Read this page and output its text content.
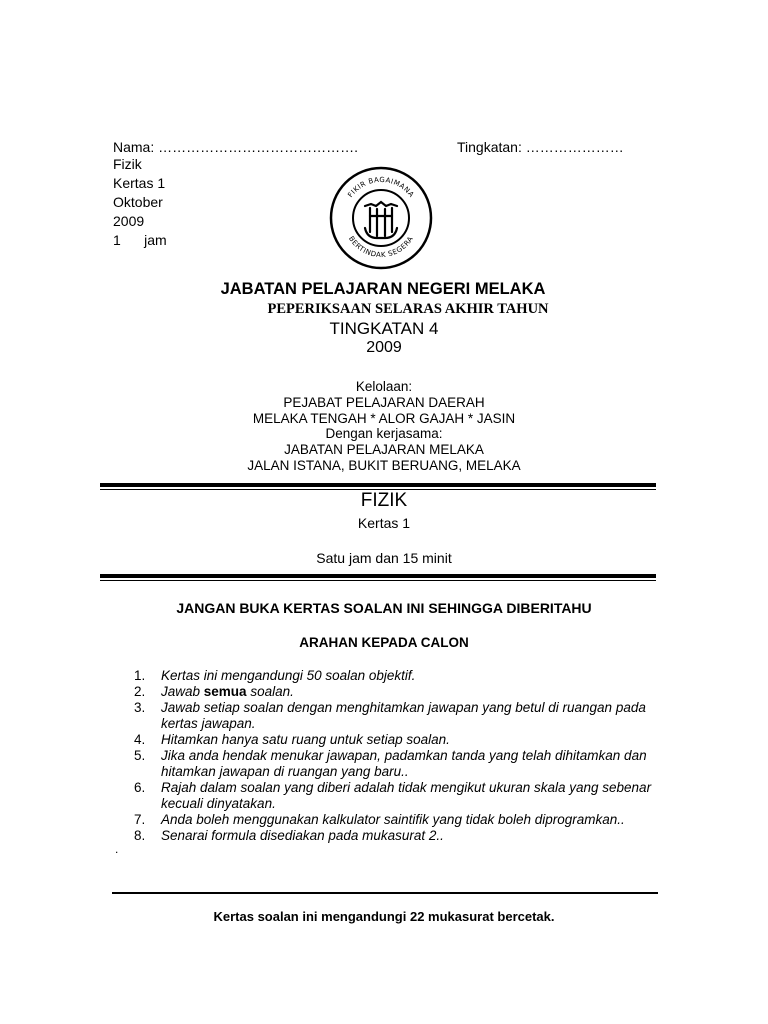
Nama: …………………………………….	Tingkatan: …………………
Fizik
Kertas 1
Oktober
2009
1      jam
FIKIR BAGAIMANA
BERTINDAK SEGERA
JABATAN PELAJARAN NEGERI MELAKA
PEPERIKSAAN SELARAS AKHIR TAHUN
TINGKATAN 4
2009
Kelolaan:
PEJABAT PELAJARAN DAERAH
MELAKA TENGAH * ALOR GAJAH * JASIN
Dengan kerjasama:
JABATAN PELAJARAN MELAKA
JALAN ISTANA, BUKIT BERUANG, MELAKA
FIZIK
Kertas 1
Satu jam dan 15 minit
JANGAN BUKA KERTAS SOALAN INI SEHINGGA DIBERITAHU
ARAHAN KEPADA CALON
1.	Kertas ini mengandungi 50 soalan objektif.
2.	Jawab semua soalan.
3.	Jawab setiap soalan dengan menghitamkan jawapan yang betul di ruangan pada kertas jawapan.
4.	Hitamkan hanya satu ruang untuk setiap soalan.
5.	Jika anda hendak menukar jawapan, padamkan tanda yang telah dihitamkan dan hitamkan jawapan di ruangan yang baru..
6.	Rajah dalam soalan yang diberi adalah tidak mengikut ukuran skala yang sebenar kecuali dinyatakan.
7.	Anda boleh menggunakan kalkulator saintifik yang tidak boleh diprogramkan..
8.	Senarai formula disediakan pada mukasurat 2..
.
Kertas soalan ini mengandungi 22 mukasurat bercetak.
